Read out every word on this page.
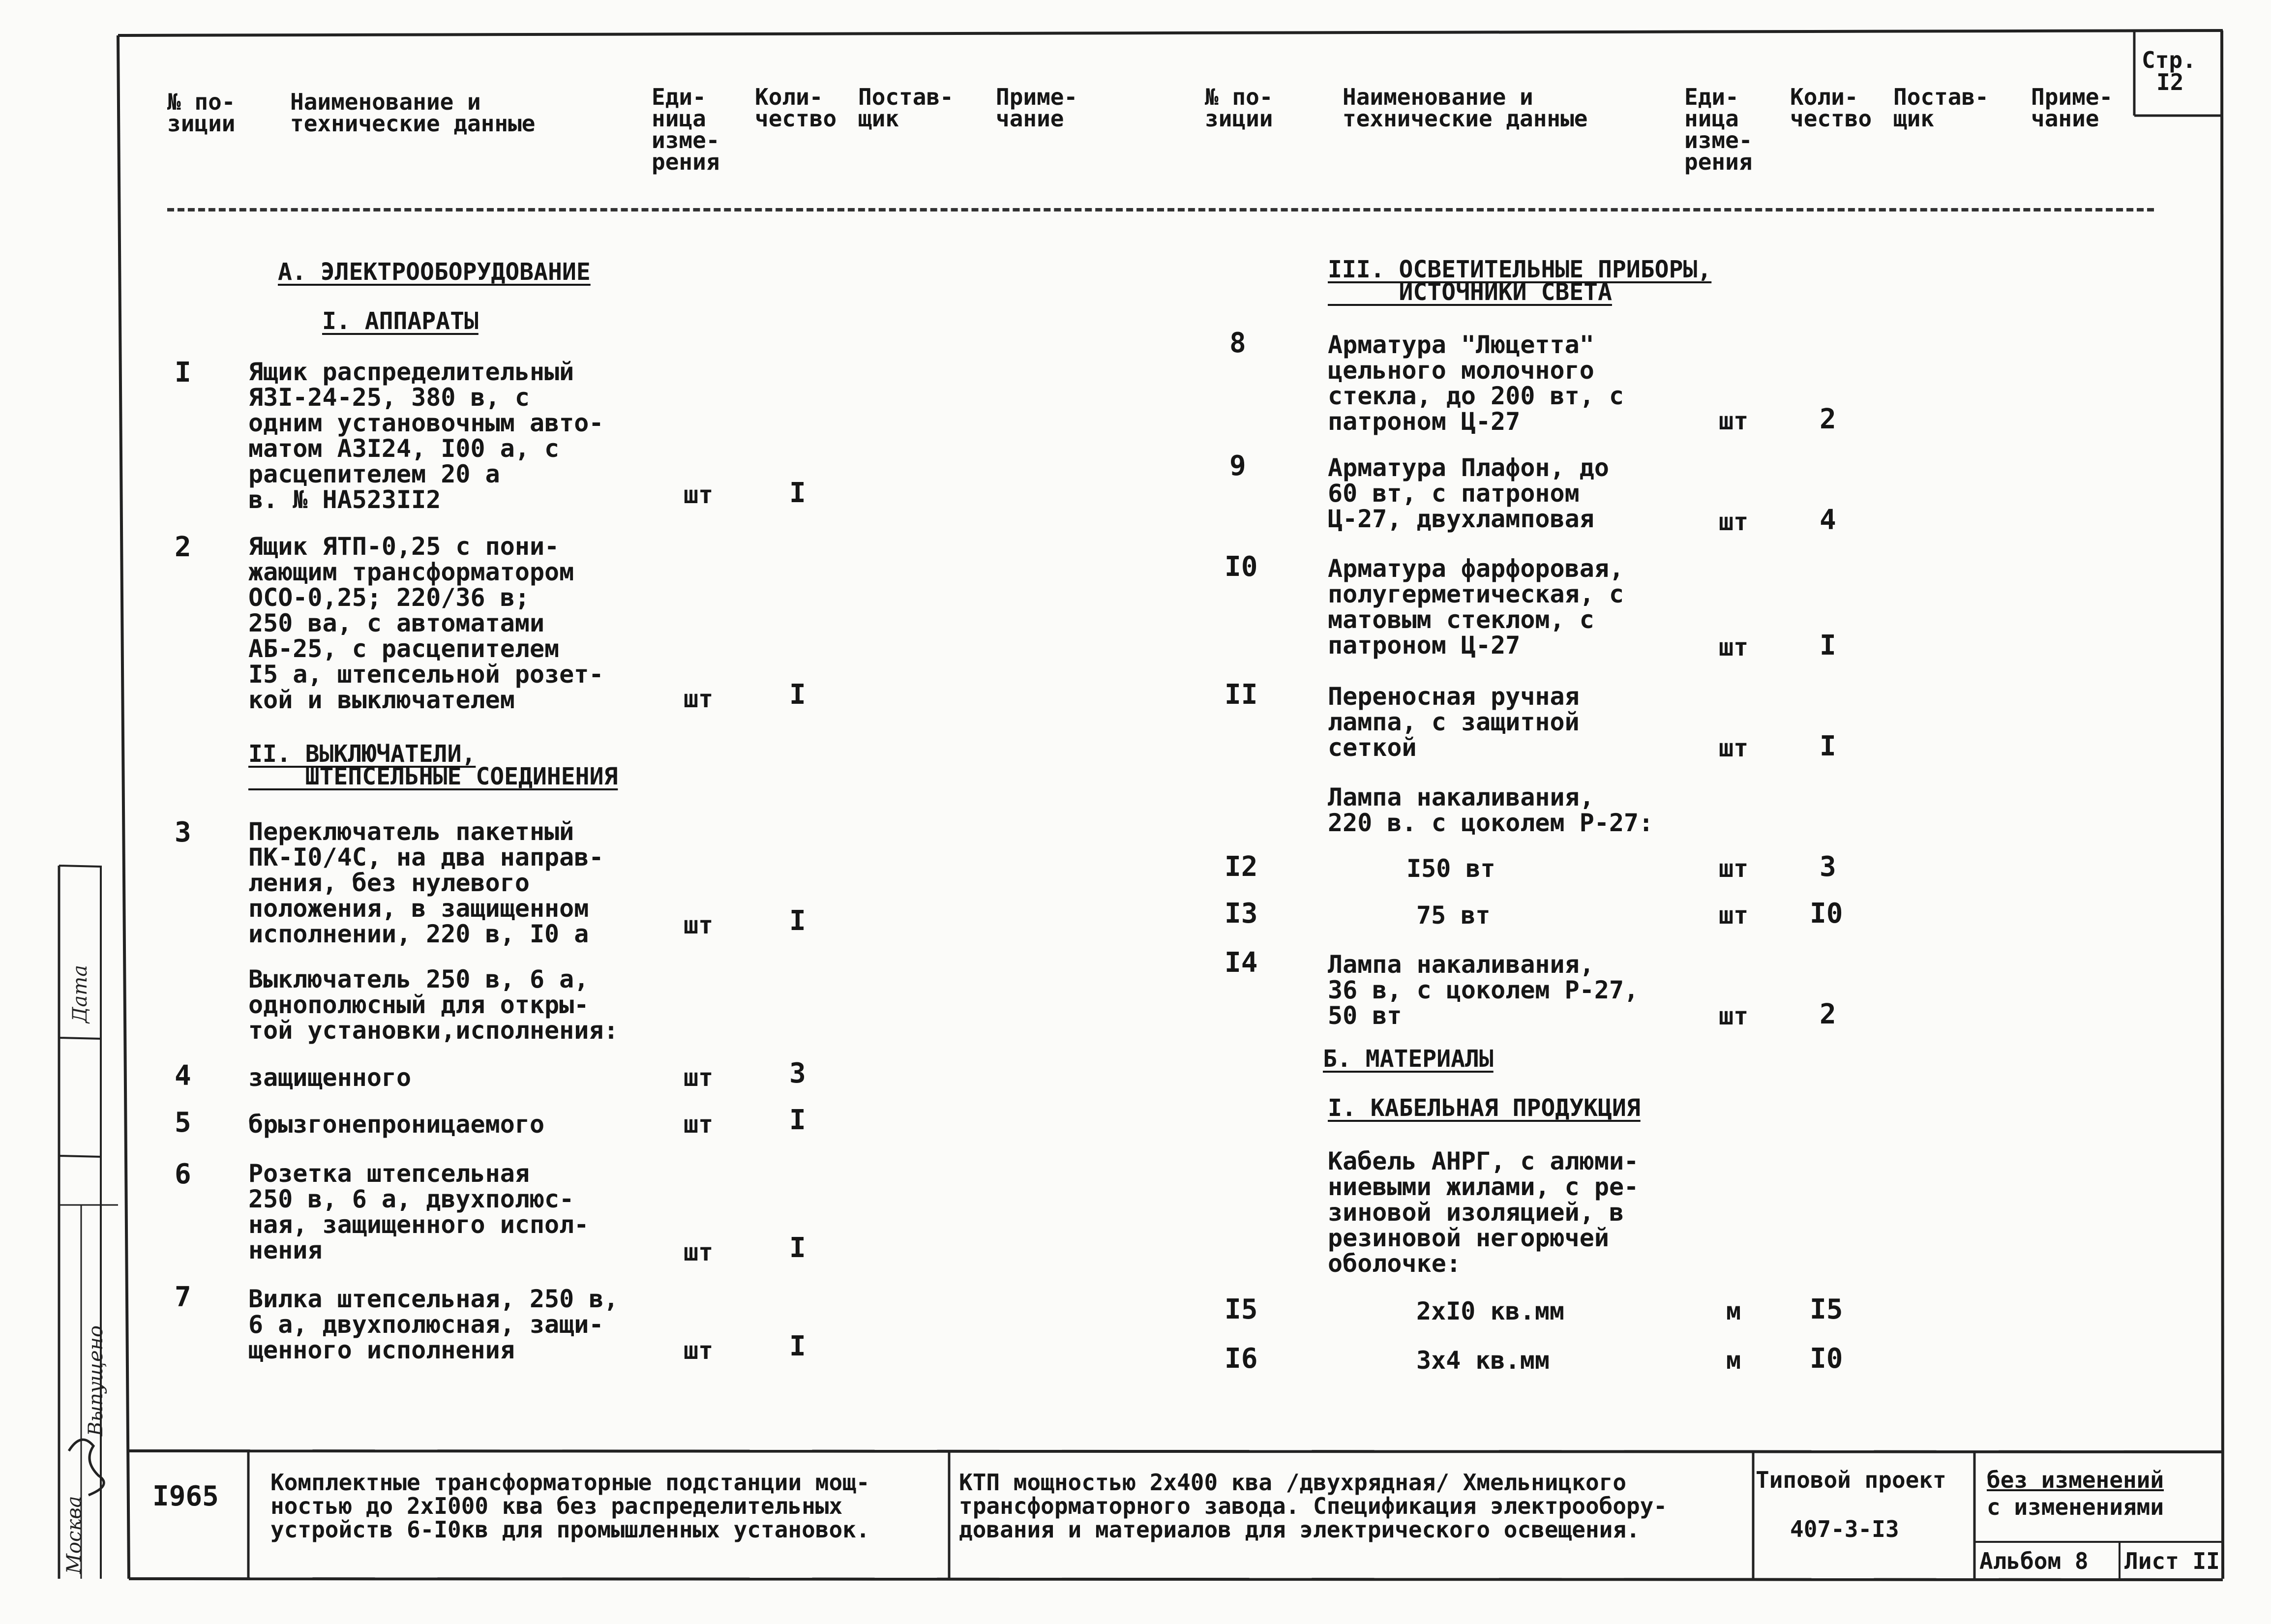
Стр.
I2
№ по-
зиции
Наименование и
технические данные
Еди-
ница
изме-
рения
Коли-
чество
Постав-
щик
Приме-
чание
№ по-
зиции
Наименование и
технические данные
Еди-
ница
изме-
рения
Коли-
чество
Постав-
щик
Приме-
чание
А. ЭЛЕКТРООБОРУДОВАНИЕ
I. АППАРАТЫ
I Ящик распределительный
ЯЗI-24-25, 380 в, с
одним установочным авто-
матом А3I24, I00 а, с
расцепителем 20 а
в. № НА523II2	шт	I
2 Ящик ЯТП-0,25 с пони-
жающим трансформатором
ОСО-0,25; 220/36 в;
250 ва, с автоматами
АБ-25, с расцепителем
I5 а, штепсельной розет-
кой и выключателем	шт	I
II. ВЫКЛЮЧАТЕЛИ,
ШТЕПСЕЛЬНЫЕ СОЕДИНЕНИЯ
3 Переключатель пакетный
ПК-I0/4С, на два направ-
ления, без нулевого
положения, в защищенном
исполнении, 220 в, I0 а	шт	I
Выключатель 250 в, 6 а,
однополюсный для откры-
той установки,исполнения:
4 защищенного	шт	3
5 брызгонепроницаемого	шт	I
6 Розетка штепсельная
250 в, 6 а, двухполюс-
ная, защищенного испол-
нения	шт	I
7 Вилка штепсельная, 250 в,
6 а, двухполюсная, защи-
щенного исполнения	шт	I
III. ОСВЕТИТЕЛЬНЫЕ ПРИБОРЫ,
ИСТОЧНИКИ СВЕТА
8	Арматура "Люцетта"
цельного молочного
стекла, до 200 вт, с
патроном Ц-27	шт	2
9	Арматура Плафон, до
60 вт, с патроном
Ц-27, двухламповая	шт	4
I0	Арматура фарфоровая,
полугерметическая, с
матовым стеклом, с
патроном Ц-27	шт	I
II	Переносная ручная
лампа, с защитной
сеткой	шт	I
Лампа накаливания,
220 в. с цоколем Р-27:
I2	I50 вт	шт	3
I3	75 вт	шт I0
I4	Лампа накаливания,
36 в, с цоколем Р-27,
50 вт	шт	2
Б. МАТЕРИАЛЫ
I. КАБЕЛЬНАЯ ПРОДУКЦИЯ
Кабель АНРГ, с алюми-
ниевыми жилами, с ре-
зиновой изоляцией, в
резиновой негорючей
оболочке:
I5	2хI0 кв.мм	м I5
I6	3х4 кв.мм	м I0
I965 Комплектные трансформаторные подстанции мощ-
ностью до 2хI000 ква без распределительных
устройств 6-I0кв для промышленных установок.
КТП мощностью 2х400 ква /двухрядная/ Хмельницкого
трансформаторного завода. Спецификация электрообору-
дования и материалов для электрического освещения.
Типовой проект
407-3-I3
без изменений
с изменениями
Альбом 8 Лист II
Дата
Москва
Выпущено
